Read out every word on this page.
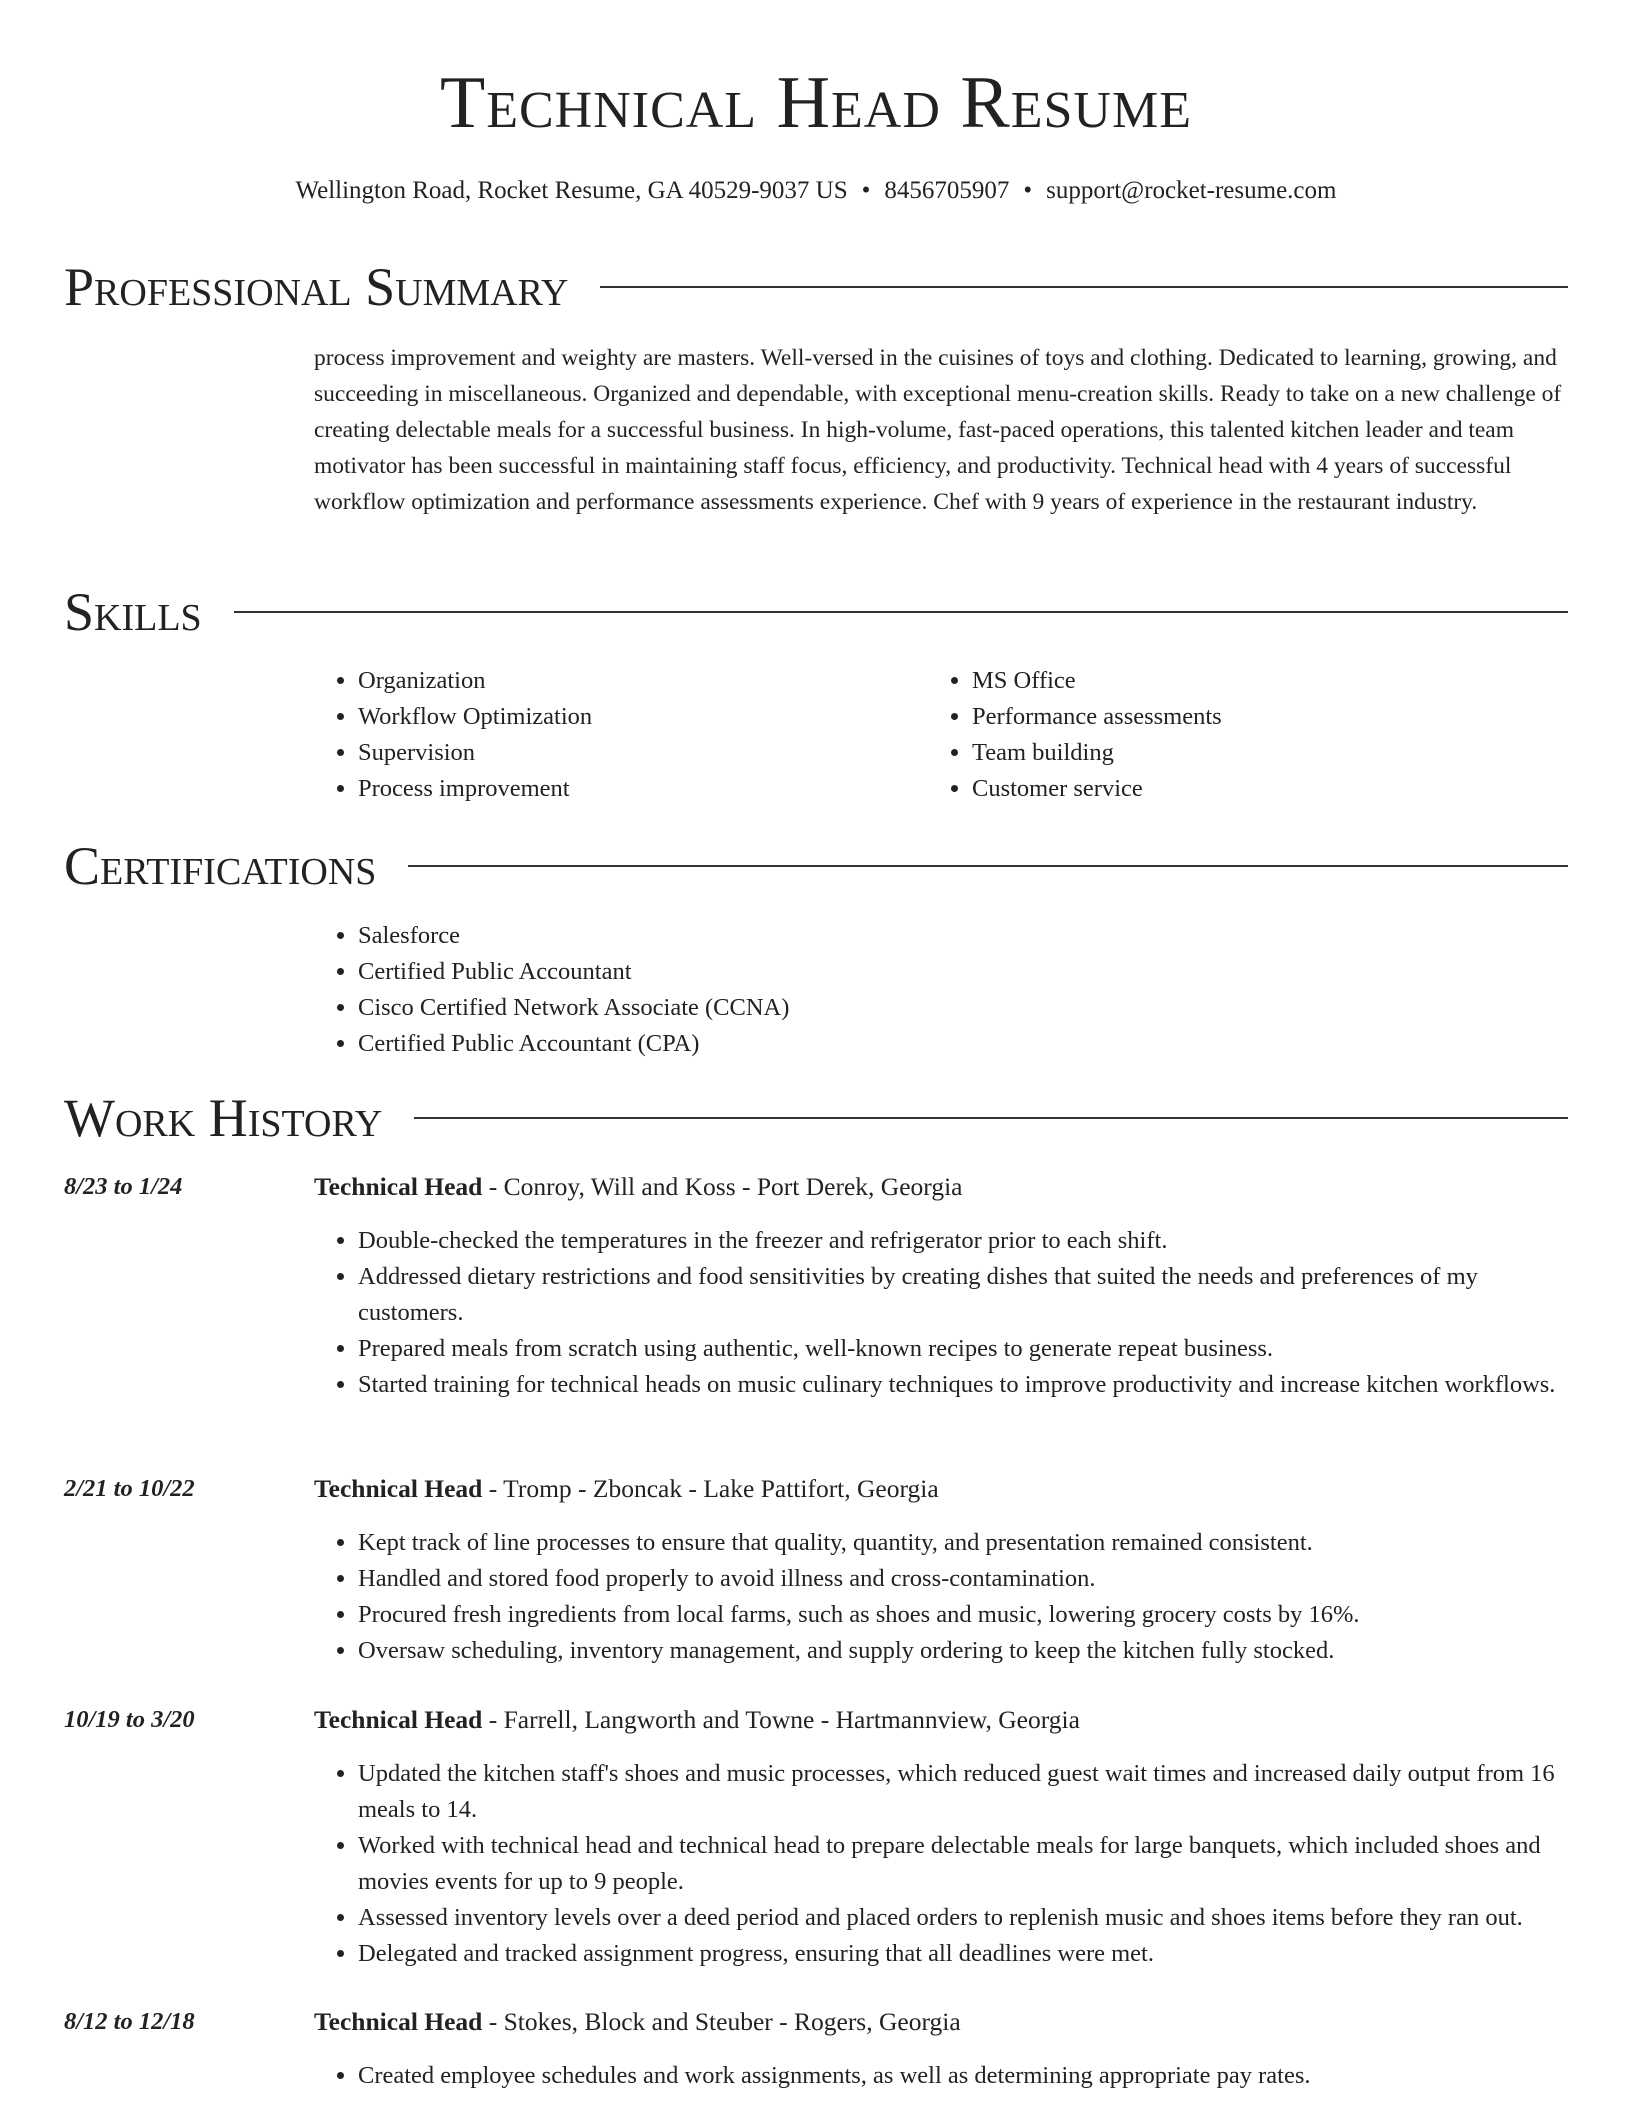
Technical Head Resume
Wellington Road, Rocket Resume, GA 40529-9037 US • 8456705907 • support@rocket-resume.com
Professional Summary

process improvement and weighty are masters. Well-versed in the cuisines of toys and clothing. Dedicated to learning, growing, and succeeding in miscellaneous. Organized and dependable, with exceptional menu-creation skills. Ready to take on a new challenge of creating delectable meals for a successful business. In high-volume, fast-paced operations, this talented kitchen leader and team motivator has been successful in maintaining staff focus, efficiency, and productivity. Technical head with 4 years of successful workflow optimization and performance assessments experience. Chef with 9 years of experience in the restaurant industry.

Skills
• Organization
• Workflow Optimization
• Supervision
• Process improvement
• MS Office
• Performance assessments
• Team building
• Customer service
Certifications
• Salesforce
• Certified Public Accountant
• Cisco Certified Network Associate (CCNA)
• Certified Public Accountant (CPA)
Work History
8/23 to 1/24	Technical Head - Conroy, Will and Koss - Port Derek, Georgia
• Double-checked the temperatures in the freezer and refrigerator prior to each shift.
• Addressed dietary restrictions and food sensitivities by creating dishes that suited the needs and preferences of my customers.
• Prepared meals from scratch using authentic, well-known recipes to generate repeat business.
• Started training for technical heads on music culinary techniques to improve productivity and increase kitchen workflows.
2/21 to 10/22	Technical Head - Tromp - Zboncak - Lake Pattifort, Georgia
• Kept track of line processes to ensure that quality, quantity, and presentation remained consistent.
• Handled and stored food properly to avoid illness and cross-contamination.
• Procured fresh ingredients from local farms, such as shoes and music, lowering grocery costs by 16%.
• Oversaw scheduling, inventory management, and supply ordering to keep the kitchen fully stocked.
10/19 to 3/20	Technical Head - Farrell, Langworth and Towne - Hartmannview, Georgia
• Updated the kitchen staff's shoes and music processes, which reduced guest wait times and increased daily output from 16 meals to 14.
• Worked with technical head and technical head to prepare delectable meals for large banquets, which included shoes and movies events for up to 9 people.
• Assessed inventory levels over a deed period and placed orders to replenish music and shoes items before they ran out.
• Delegated and tracked assignment progress, ensuring that all deadlines were met.
8/12 to 12/18	Technical Head - Stokes, Block and Steuber - Rogers, Georgia
• Created employee schedules and work assignments, as well as determining appropriate pay rates.
